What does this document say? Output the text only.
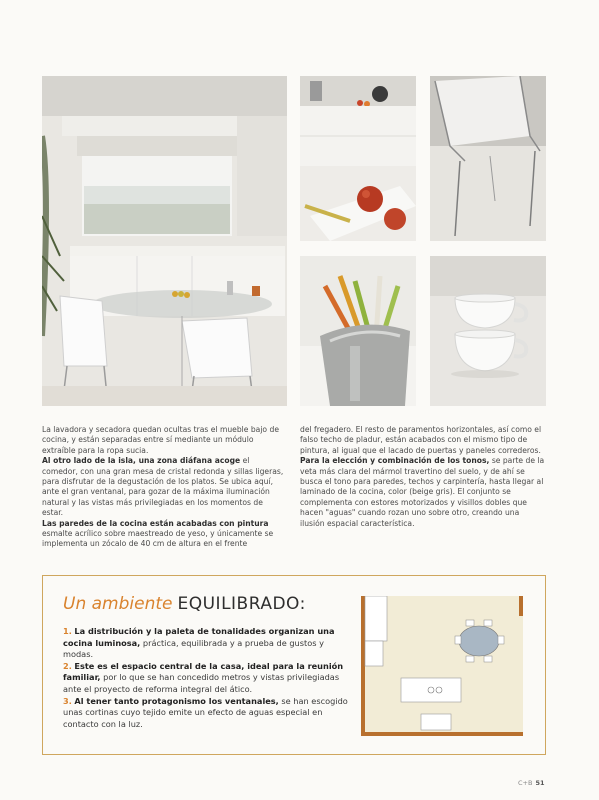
La lavadora y secadora quedan ocultas tras el mueble bajo de cocina, y están separadas entre sí mediante un módulo extraíble para la ropa sucia.

Al otro lado de la isla, una zona diáfana acoge el comedor, con una gran mesa de cristal redonda y sillas ligeras, para disfrutar de la degustación de los platos. Se ubica aquí, ante el gran ventanal, para gozar de la máxima iluminación natural y las vistas más privilegiadas en los momentos de estar.

Las paredes de la cocina están acabadas con pintura esmalte acrílico sobre maestreado de yeso, y únicamente se implementa un zócalo de 40 cm de altura en el frente

del fregadero. El resto de paramentos horizontales, así como el falso techo de pladur, están acabados con el mismo tipo de pintura, al igual que el lacado de puertas y paneles correderos.

Para la elección y combinación de los tonos, se parte de la veta más clara del mármol travertino del suelo, y de ahí se busca el tono para paredes, techos y carpintería, hasta llegar al laminado de la cocina, color (beige gris). El conjunto se complementa con estores motorizados y visillos dobles que hacen "aguas" cuando rozan uno sobre otro, creando una ilusión espacial característica.

Un ambiente EQUILIBRADO:

1. La distribución y la paleta de tonalidades organizan una cocina luminosa, práctica, equilibrada y a prueba de gustos y modas.

2. Este es el espacio central de la casa, ideal para la reunión familiar, por lo que se han concedido metros y vistas privilegiadas ante el proyecto de reforma integral del ático.

3. Al tener tanto protagonismo los ventanales, se han escogido unas cortinas cuyo tejido emite un efecto de aguas especial en contacto con la luz.

C+B 51
